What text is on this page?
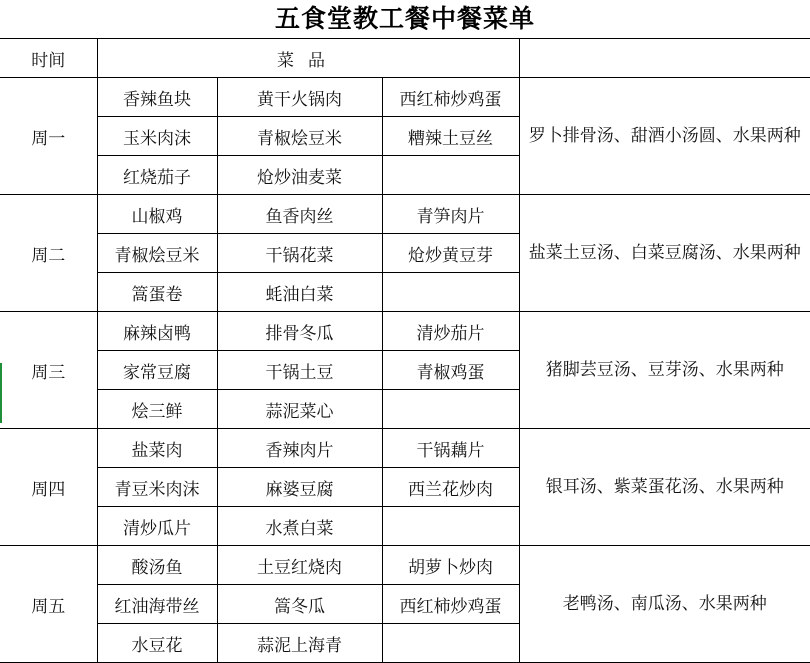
五食堂教工餐中餐菜单
时间	菜品			
周一	香辣鱼块	黄干火锅肉	西红柿炒鸡蛋	罗卜排骨汤、甜酒小汤圆、水果两种
	玉米肉沫	青椒烩豆米	糟辣土豆丝	
	红烧茄子	炝炒油麦菜		
周二	山椒鸡	鱼香肉丝	青笋肉片	盐菜土豆汤、白菜豆腐汤、水果两种
	青椒烩豆米	干锅花菜	炝炒黄豆芽	
	篙蛋卷	蚝油白菜		
周三	麻辣卤鸭	排骨冬瓜	清炒茄片	猪脚芸豆汤、豆芽汤、水果两种
	家常豆腐	干锅土豆	青椒鸡蛋	
	烩三鲜	蒜泥菜心		
周四	盐菜肉	香辣肉片	干锅藕片	银耳汤、紫菜蛋花汤、水果两种
	青豆米肉沫	麻婆豆腐	西兰花炒肉	
	清炒瓜片	水煮白菜		
周五	酸汤鱼	土豆红烧肉	胡萝卜炒肉	老鸭汤、南瓜汤、水果两种
	红油海带丝	篙冬瓜	西红柿炒鸡蛋	
	水豆花	蒜泥上海青		
